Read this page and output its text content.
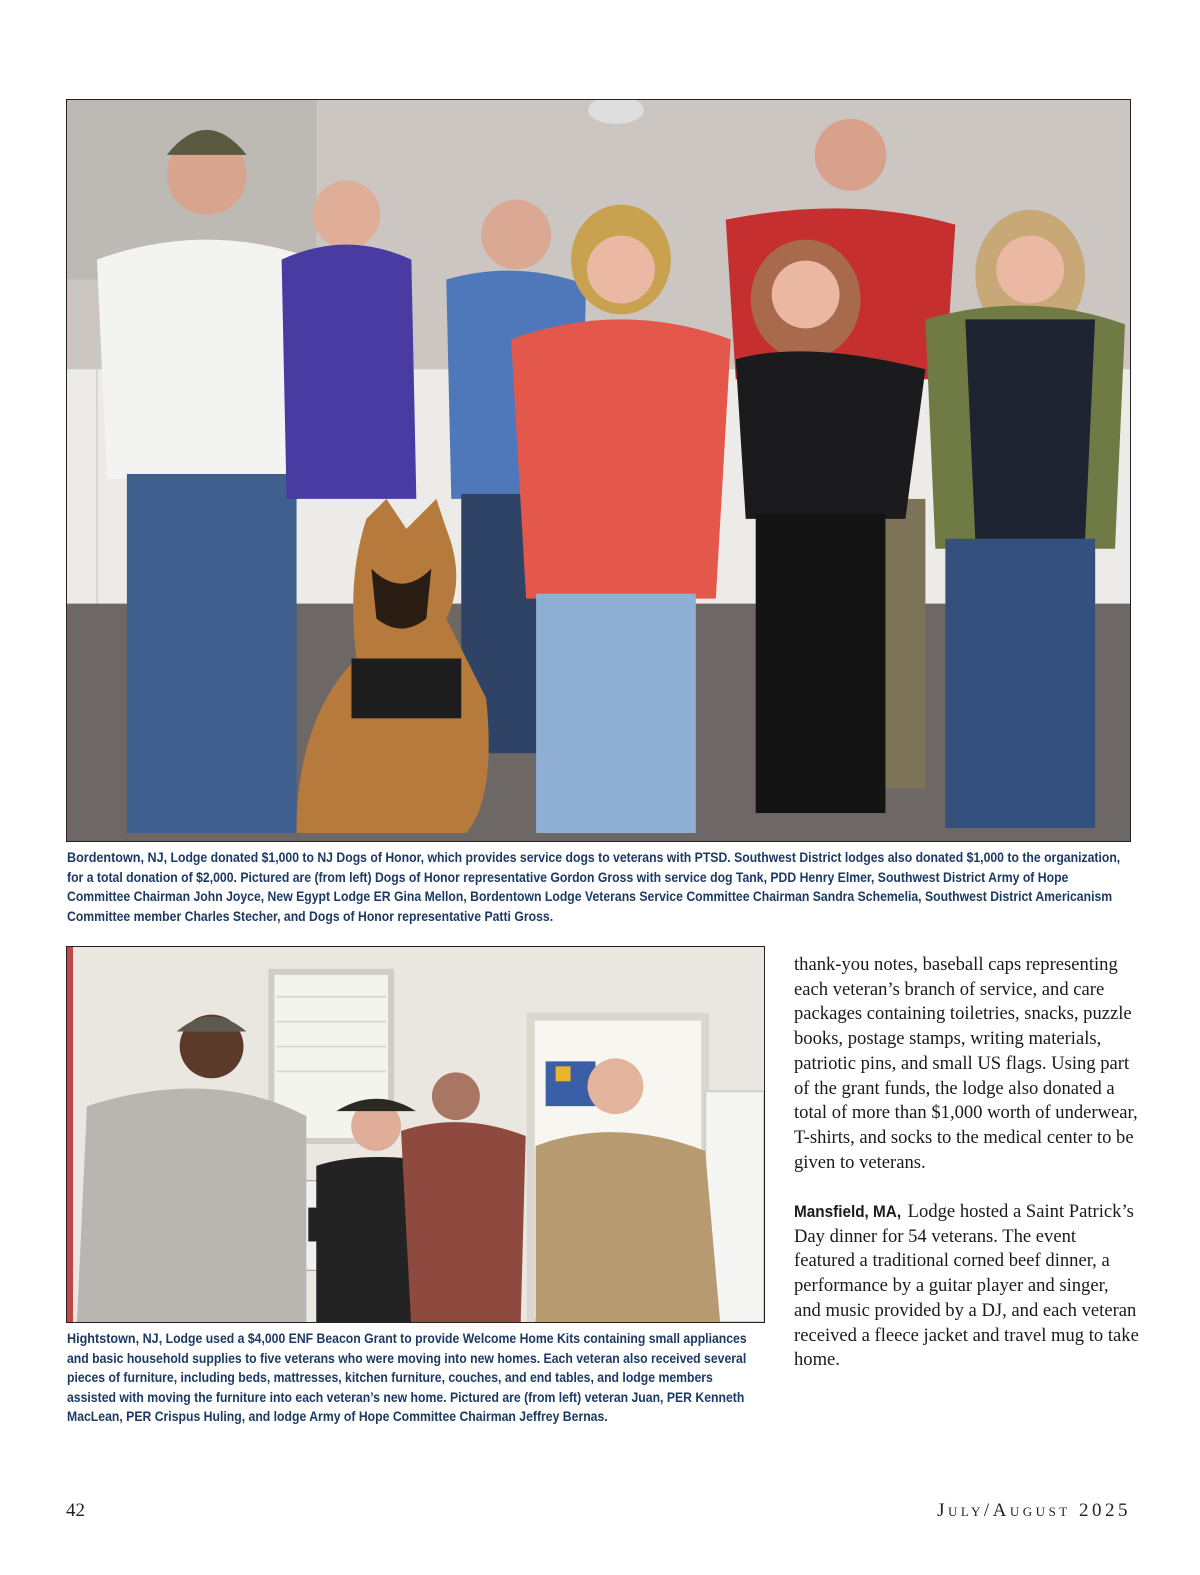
Bordentown, NJ, Lodge donated $1,000 to NJ Dogs of Honor, which provides service dogs to veterans with PTSD. Southwest District lodges also donated $1,000 to the organization, for a total donation of $2,000. Pictured are (from left) Dogs of Honor representative Gordon Gross with service dog Tank, PDD Henry Elmer, Southwest District Army of Hope Committee Chairman John Joyce, New Egypt Lodge ER Gina Mellon, Bordentown Lodge Veterans Service Committee Chairman Sandra Schemelia, Southwest District Americanism Committee member Charles Stecher, and Dogs of Honor representative Patti Gross.
Hightstown, NJ, Lodge used a $4,000 ENF Beacon Grant to provide Welcome Home Kits containing small appliances and basic household supplies to five veterans who were moving into new homes. Each veteran also received several pieces of furniture, including beds, mattresses, kitchen furniture, couches, and end tables, and lodge members assisted with moving the furniture into each veteran’s new home. Pictured are (from left) veteran Juan, PER Kenneth MacLean, PER Crispus Huling, and lodge Army of Hope Committee Chairman Jeffrey Bernas.

thank-you notes, baseball caps representing each veteran’s branch of service, and care packages containing toiletries, snacks, puzzle books, postage stamps, writing materials, patriotic pins, and small US flags. Using part of the grant funds, the lodge also donated a total of more than $1,000 worth of underwear, T-shirts, and socks to the medical center to be given to veterans.

Mansfield, MA, Lodge hosted a Saint Patrick’s Day dinner for 54 veterans. The event featured a traditional corned beef dinner, a performance by a guitar player and singer, and music provided by a DJ, and each veteran received a fleece jacket and travel mug to take home.

42	July/August 2025
